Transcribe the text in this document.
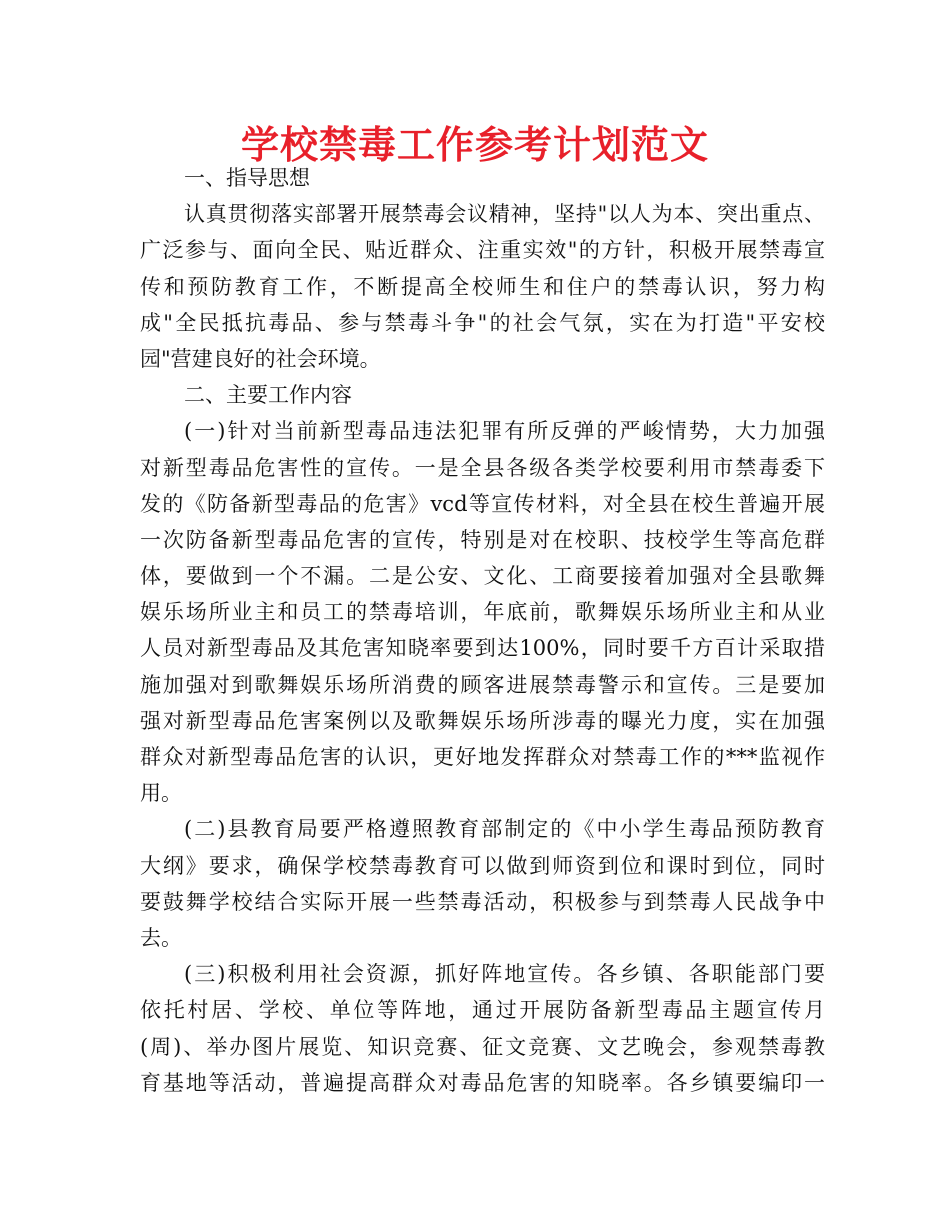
学校禁毒工作参考计划范文
一、指导思想
认真贯彻落实部署开展禁毒会议精神，坚持"以人为本、突出重点、
广泛参与、面向全民、贴近群众、注重实效"的方针，积极开展禁毒宣
传和预防教育工作，不断提高全校师生和住户的禁毒认识，努力构
成"全民抵抗毒品、参与禁毒斗争"的社会气氛，实在为打造"平安校
园"营建良好的社会环境。
二、主要工作内容
(一)针对当前新型毒品违法犯罪有所反弹的严峻情势，大力加强
对新型毒品危害性的宣传。一是全县各级各类学校要利用市禁毒委下
发的《防备新型毒品的危害》vcd等宣传材料，对全县在校生普遍开展
一次防备新型毒品危害的宣传，特别是对在校职、技校学生等高危群
体，要做到一个不漏。二是公安、文化、工商要接着加强对全县歌舞
娱乐场所业主和员工的禁毒培训，年底前，歌舞娱乐场所业主和从业
人员对新型毒品及其危害知晓率要到达100%，同时要千方百计采取措
施加强对到歌舞娱乐场所消费的顾客进展禁毒警示和宣传。三是要加
强对新型毒品危害案例以及歌舞娱乐场所涉毒的曝光力度，实在加强
群众对新型毒品危害的认识，更好地发挥群众对禁毒工作的***监视作
用。
(二)县教育局要严格遵照教育部制定的《中小学生毒品预防教育
大纲》要求，确保学校禁毒教育可以做到师资到位和课时到位，同时
要鼓舞学校结合实际开展一些禁毒活动，积极参与到禁毒人民战争中
去。
(三)积极利用社会资源，抓好阵地宣传。各乡镇、各职能部门要
依托村居、学校、单位等阵地，通过开展防备新型毒品主题宣传月
(周)、举办图片展览、知识竞赛、征文竞赛、文艺晚会，参观禁毒教
育基地等活动，普遍提高群众对毒品危害的知晓率。各乡镇要编印一
